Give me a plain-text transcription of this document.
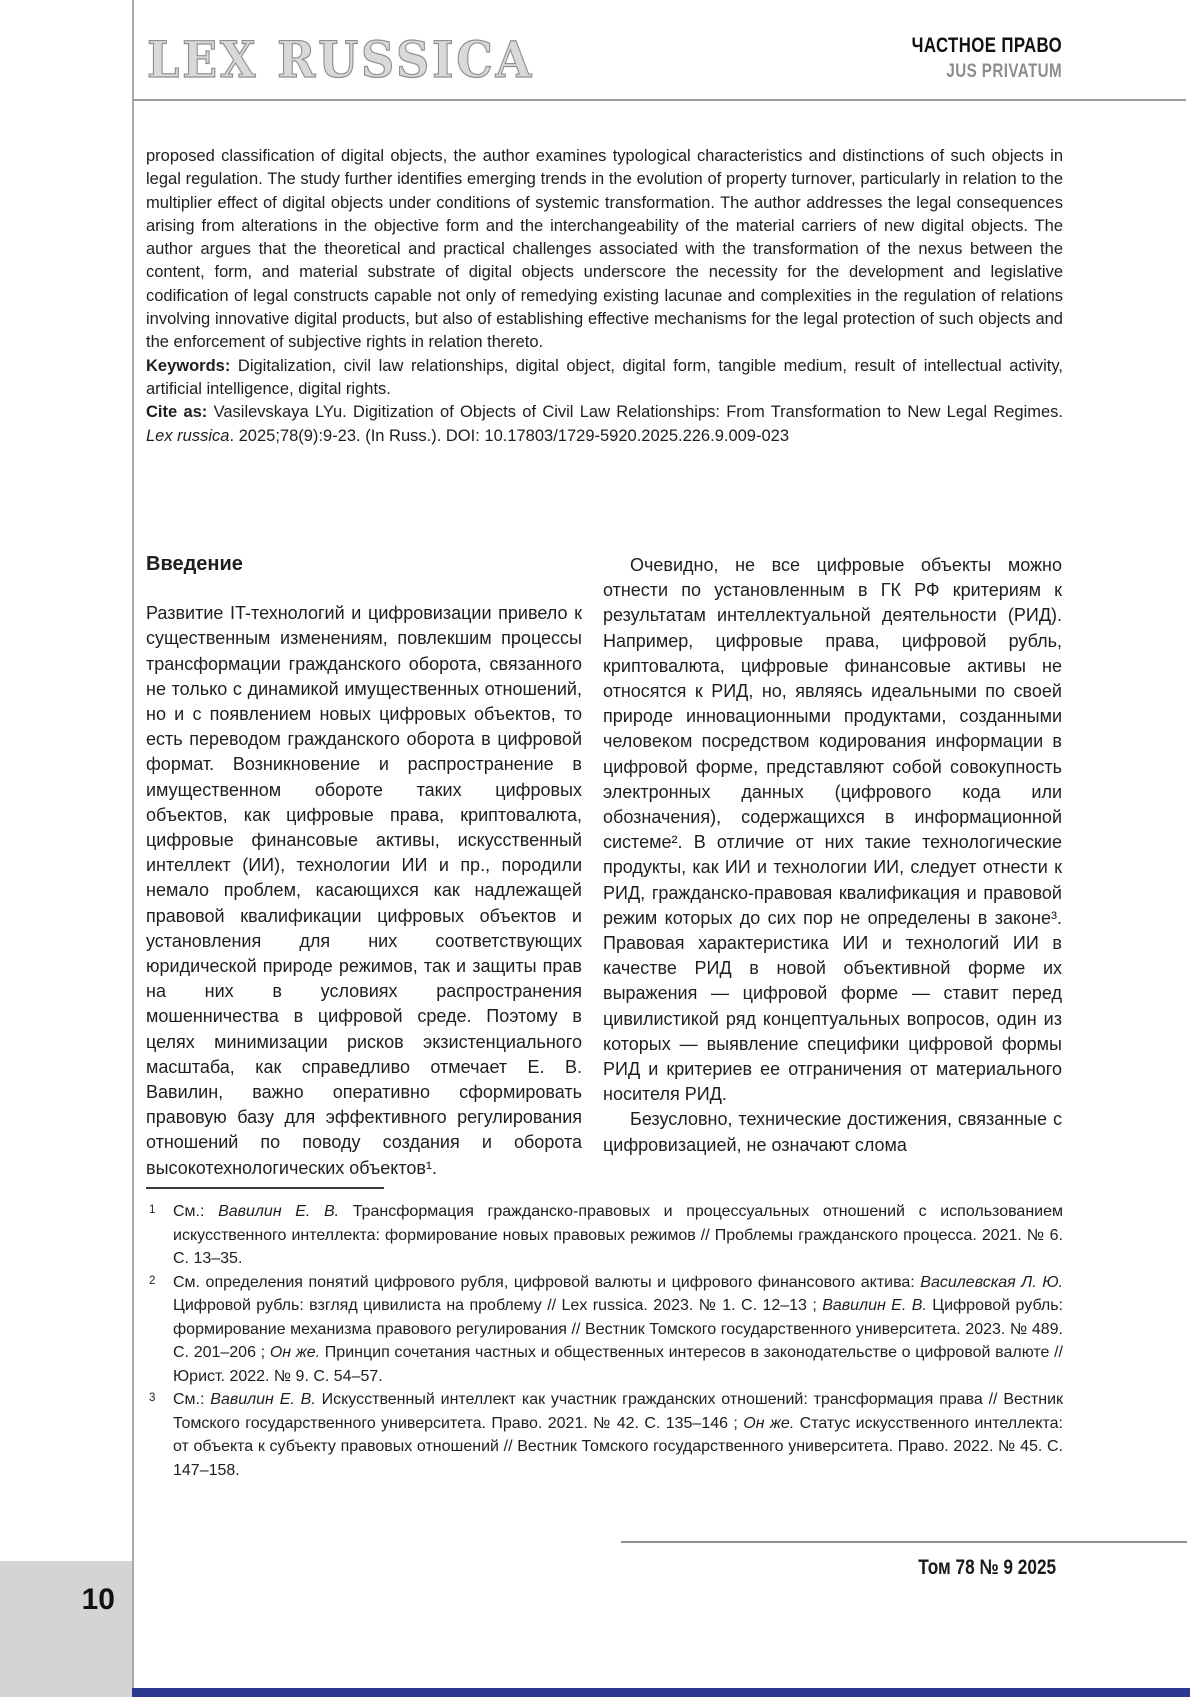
LEX RUSSICA	ЧАСТНОЕ ПРАВО
JUS PRIVATUM

proposed classification of digital objects, the author examines typological characteristics and distinctions of such objects in legal regulation. The study further identifies emerging trends in the evolution of property turnover, particularly in relation to the multiplier effect of digital objects under conditions of systemic transformation. The author addresses the legal consequences arising from alterations in the objective form and the interchangeability of the material carriers of new digital objects. The author argues that the theoretical and practical challenges associated with the transformation of the nexus between the content, form, and material substrate of digital objects underscore the necessity for the development and legislative codification of legal constructs capable not only of remedying existing lacunae and complexities in the regulation of relations involving innovative digital products, but also of establishing effective mechanisms for the legal protection of such objects and the enforcement of subjective rights in relation thereto.

Keywords: Digitalization, civil law relationships, digital object, digital form, tangible medium, result of intellectual activity, artificial intelligence, digital rights.

Cite as: Vasilevskaya LYu. Digitization of Objects of Civil Law Relationships: From Transformation to New Legal Regimes. Lex russica. 2025;78(9):9-23. (In Russ.). DOI: 10.17803/1729-5920.2025.226.9.009-023

Введение

Развитие IT-технологий и цифровизации привело к существенным изменениям, повлекшим процессы трансформации гражданского оборота, связанного не только с динамикой имущественных отношений, но и с появлением новых цифровых объектов, то есть переводом гражданского оборота в цифровой формат. Возникновение и распространение в имущественном обороте таких цифровых объектов, как цифровые права, криптовалюта, цифровые финансовые активы, искусственный интеллект (ИИ), технологии ИИ и пр., породили немало проблем, касающихся как надлежащей правовой квалификации цифровых объектов и установления для них соответствующих юридической природе режимов, так и защиты прав на них в условиях распространения мошенничества в цифровой среде. Поэтому в целях минимизации рисков экзистенциального масштаба, как справедливо отмечает Е. В. Вавилин, важно оперативно сформировать правовую базу для эффективного регулирования отношений по поводу создания и оборота высокотехнологических объектов¹.

Очевидно, не все цифровые объекты можно отнести по установленным в ГК РФ критериям к результатам интеллектуальной деятельности (РИД). Например, цифровые права, цифровой рубль, криптовалюта, цифровые финансовые активы не относятся к РИД, но, являясь идеальными по своей природе инновационными продуктами, созданными человеком посредством кодирования информации в цифровой форме, представляют собой совокупность электронных данных (цифрового кода или обозначения), содержащихся в информационной системе². В отличие от них такие технологические продукты, как ИИ и технологии ИИ, следует отнести к РИД, гражданско-правовая квалификация и правовой режим которых до сих пор не определены в законе³. Правовая характеристика ИИ и технологий ИИ в качестве РИД в новой объективной форме их выражения — цифровой форме — ставит перед цивилистикой ряд концептуальных вопросов, один из которых — выявление специфики цифровой формы РИД и критериев ее отграничения от материального носителя РИД.

Безусловно, технические достижения, связанные с цифровизацией, не означают слома

1 См.: Вавилин Е. В. Трансформация гражданско-правовых и процессуальных отношений с использованием искусственного интеллекта: формирование новых правовых режимов // Проблемы гражданского процесса. 2021. № 6. С. 13–35.
2 См. определения понятий цифрового рубля, цифровой валюты и цифрового финансового актива: Василевская Л. Ю. Цифровой рубль: взгляд цивилиста на проблему // Lex russica. 2023. № 1. С. 12–13 ; Вавилин Е. В. Цифровой рубль: формирование механизма правового регулирования // Вестник Томского государственного университета. 2023. № 489. С. 201–206 ; Он же. Принцип сочетания частных и общественных интересов в законодательстве о цифровой валюте // Юрист. 2022. № 9. С. 54–57.
3 См.: Вавилин Е. В. Искусственный интеллект как участник гражданских отношений: трансформация права // Вестник Томского государственного университета. Право. 2021. № 42. С. 135–146 ; Он же. Статус искусственного интеллекта: от объекта к субъекту правовых отношений // Вестник Томского государственного университета. Право. 2022. № 45. С. 147–158.
Том 78 № 9 2025
10
